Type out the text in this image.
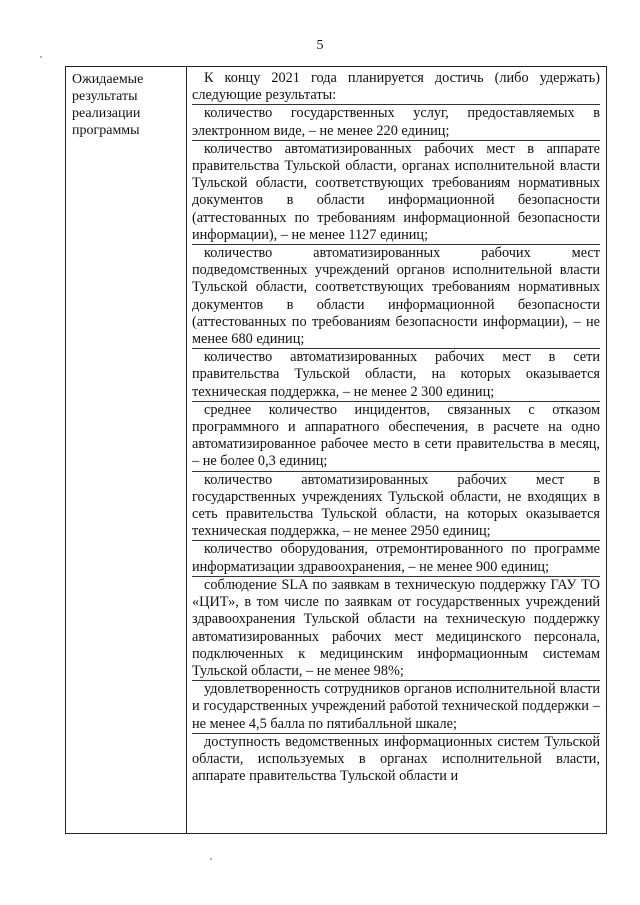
5
Ожидаемые результаты реализации программы

К концу 2021 года планируется достичь (либо удержать) следующие результаты:

количество государственных услуг, предоставляемых в электронном виде, – не менее 220 единиц;

количество автоматизированных рабочих мест в аппарате правительства Тульской области, органах исполнительной власти Тульской области, соответствующих требованиям нормативных документов в области информационной безопасности (аттестованных по требованиям информационной безопасности информации), – не менее 1127 единиц;

количество автоматизированных рабочих мест подведомственных учреждений органов исполнительной власти Тульской области, соответствующих требованиям нормативных документов в области информационной безопасности (аттестованных по требованиям безопасности информации), – не менее 680 единиц;

количество автоматизированных рабочих мест в сети правительства Тульской области, на которых оказывается техническая поддержка, – не менее 2 300 единиц;

среднее количество инцидентов, связанных с отказом программного и аппаратного обеспечения, в расчете на одно автоматизированное рабочее место в сети правительства в месяц, – не более 0,3 единиц;

количество автоматизированных рабочих мест в государственных учреждениях Тульской области, не входящих в сеть правительства Тульской области, на которых оказывается техническая поддержка, – не менее 2950 единиц;

количество оборудования, отремонтированного по программе информатизации здравоохранения, – не менее 900 единиц;

соблюдение SLA по заявкам в техническую поддержку ГАУ ТО «ЦИТ», в том числе по заявкам от государственных учреждений здравоохранения Тульской области на техническую поддержку автоматизированных рабочих мест медицинского персонала, подключенных к медицинским информационным системам Тульской области, – не менее 98%;

удовлетворенность сотрудников органов исполнительной власти и государственных учреждений работой технической поддержки – не менее 4,5 балла по пятибалльной шкале;

доступность ведомственных информационных систем Тульской области, используемых в органах исполнительной власти, аппарате правительства Тульской области и
